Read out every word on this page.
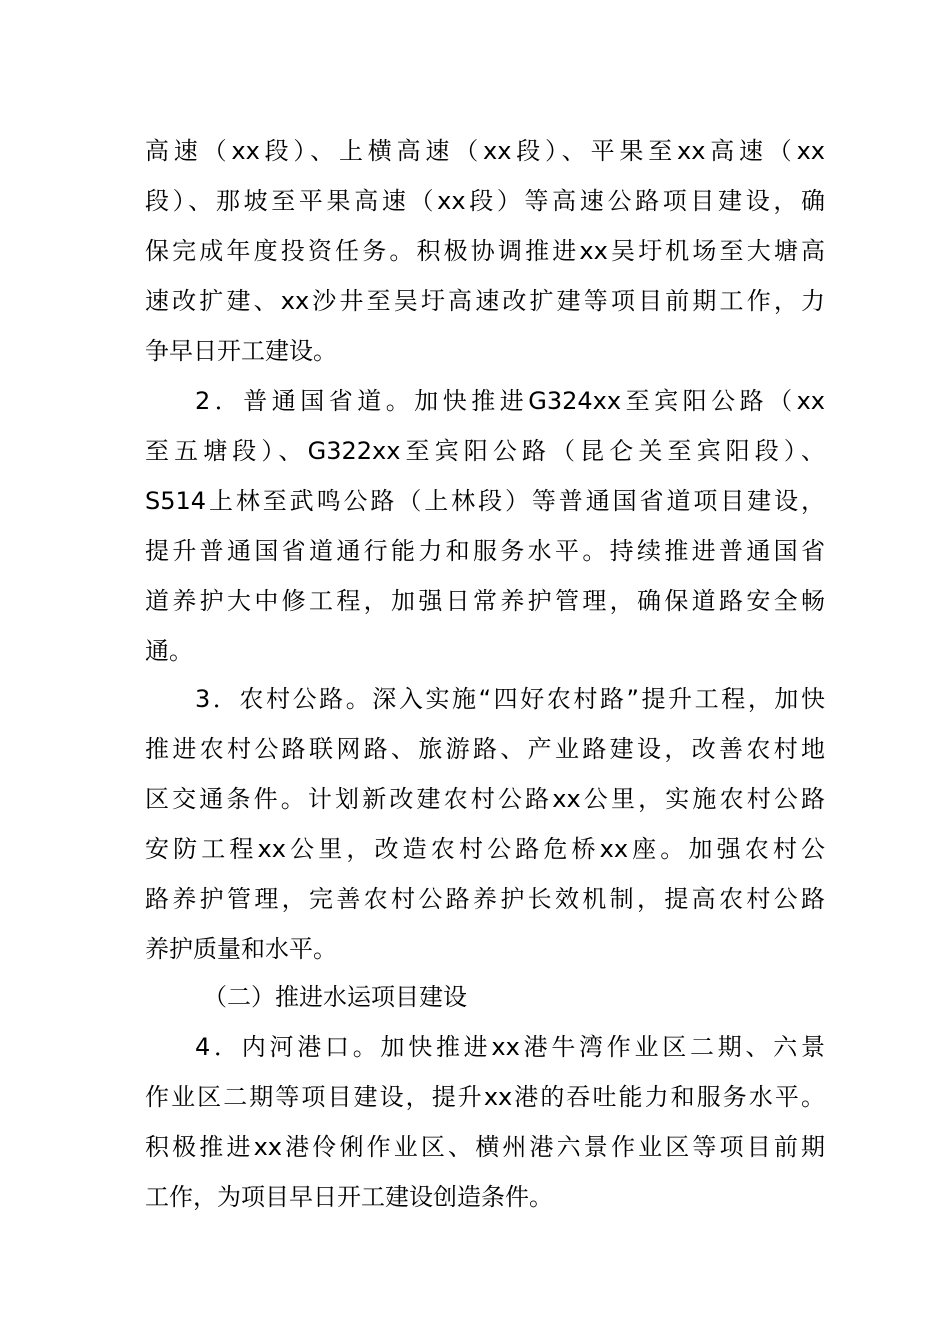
高速（xx段）、上横高速（xx段）、平果至xx高速（xx
段）、那坡至平果高速（xx段）等高速公路项目建设，确
保完成年度投资任务。积极协调推进xx吴圩机场至大塘高
速改扩建、xx沙井至吴圩高速改扩建等项目前期工作，力
争早日开工建设。
2．普通国省道。加快推进G324xx至宾阳公路（xx
至五塘段）、G322xx至宾阳公路（昆仑关至宾阳段）、
S514上林至武鸣公路（上林段）等普通国省道项目建设，
提升普通国省道通行能力和服务水平。持续推进普通国省
道养护大中修工程，加强日常养护管理，确保道路安全畅
通。
3．农村公路。深入实施“四好农村路”提升工程，加快
推进农村公路联网路、旅游路、产业路建设，改善农村地
区交通条件。计划新改建农村公路xx公里，实施农村公路
安防工程xx公里，改造农村公路危桥xx座。加强农村公
路养护管理，完善农村公路养护长效机制，提高农村公路
养护质量和水平。
（二）推进水运项目建设
4．内河港口。加快推进xx港牛湾作业区二期、六景
作业区二期等项目建设，提升xx港的吞吐能力和服务水平。
积极推进xx港伶俐作业区、横州港六景作业区等项目前期
工作，为项目早日开工建设创造条件。
